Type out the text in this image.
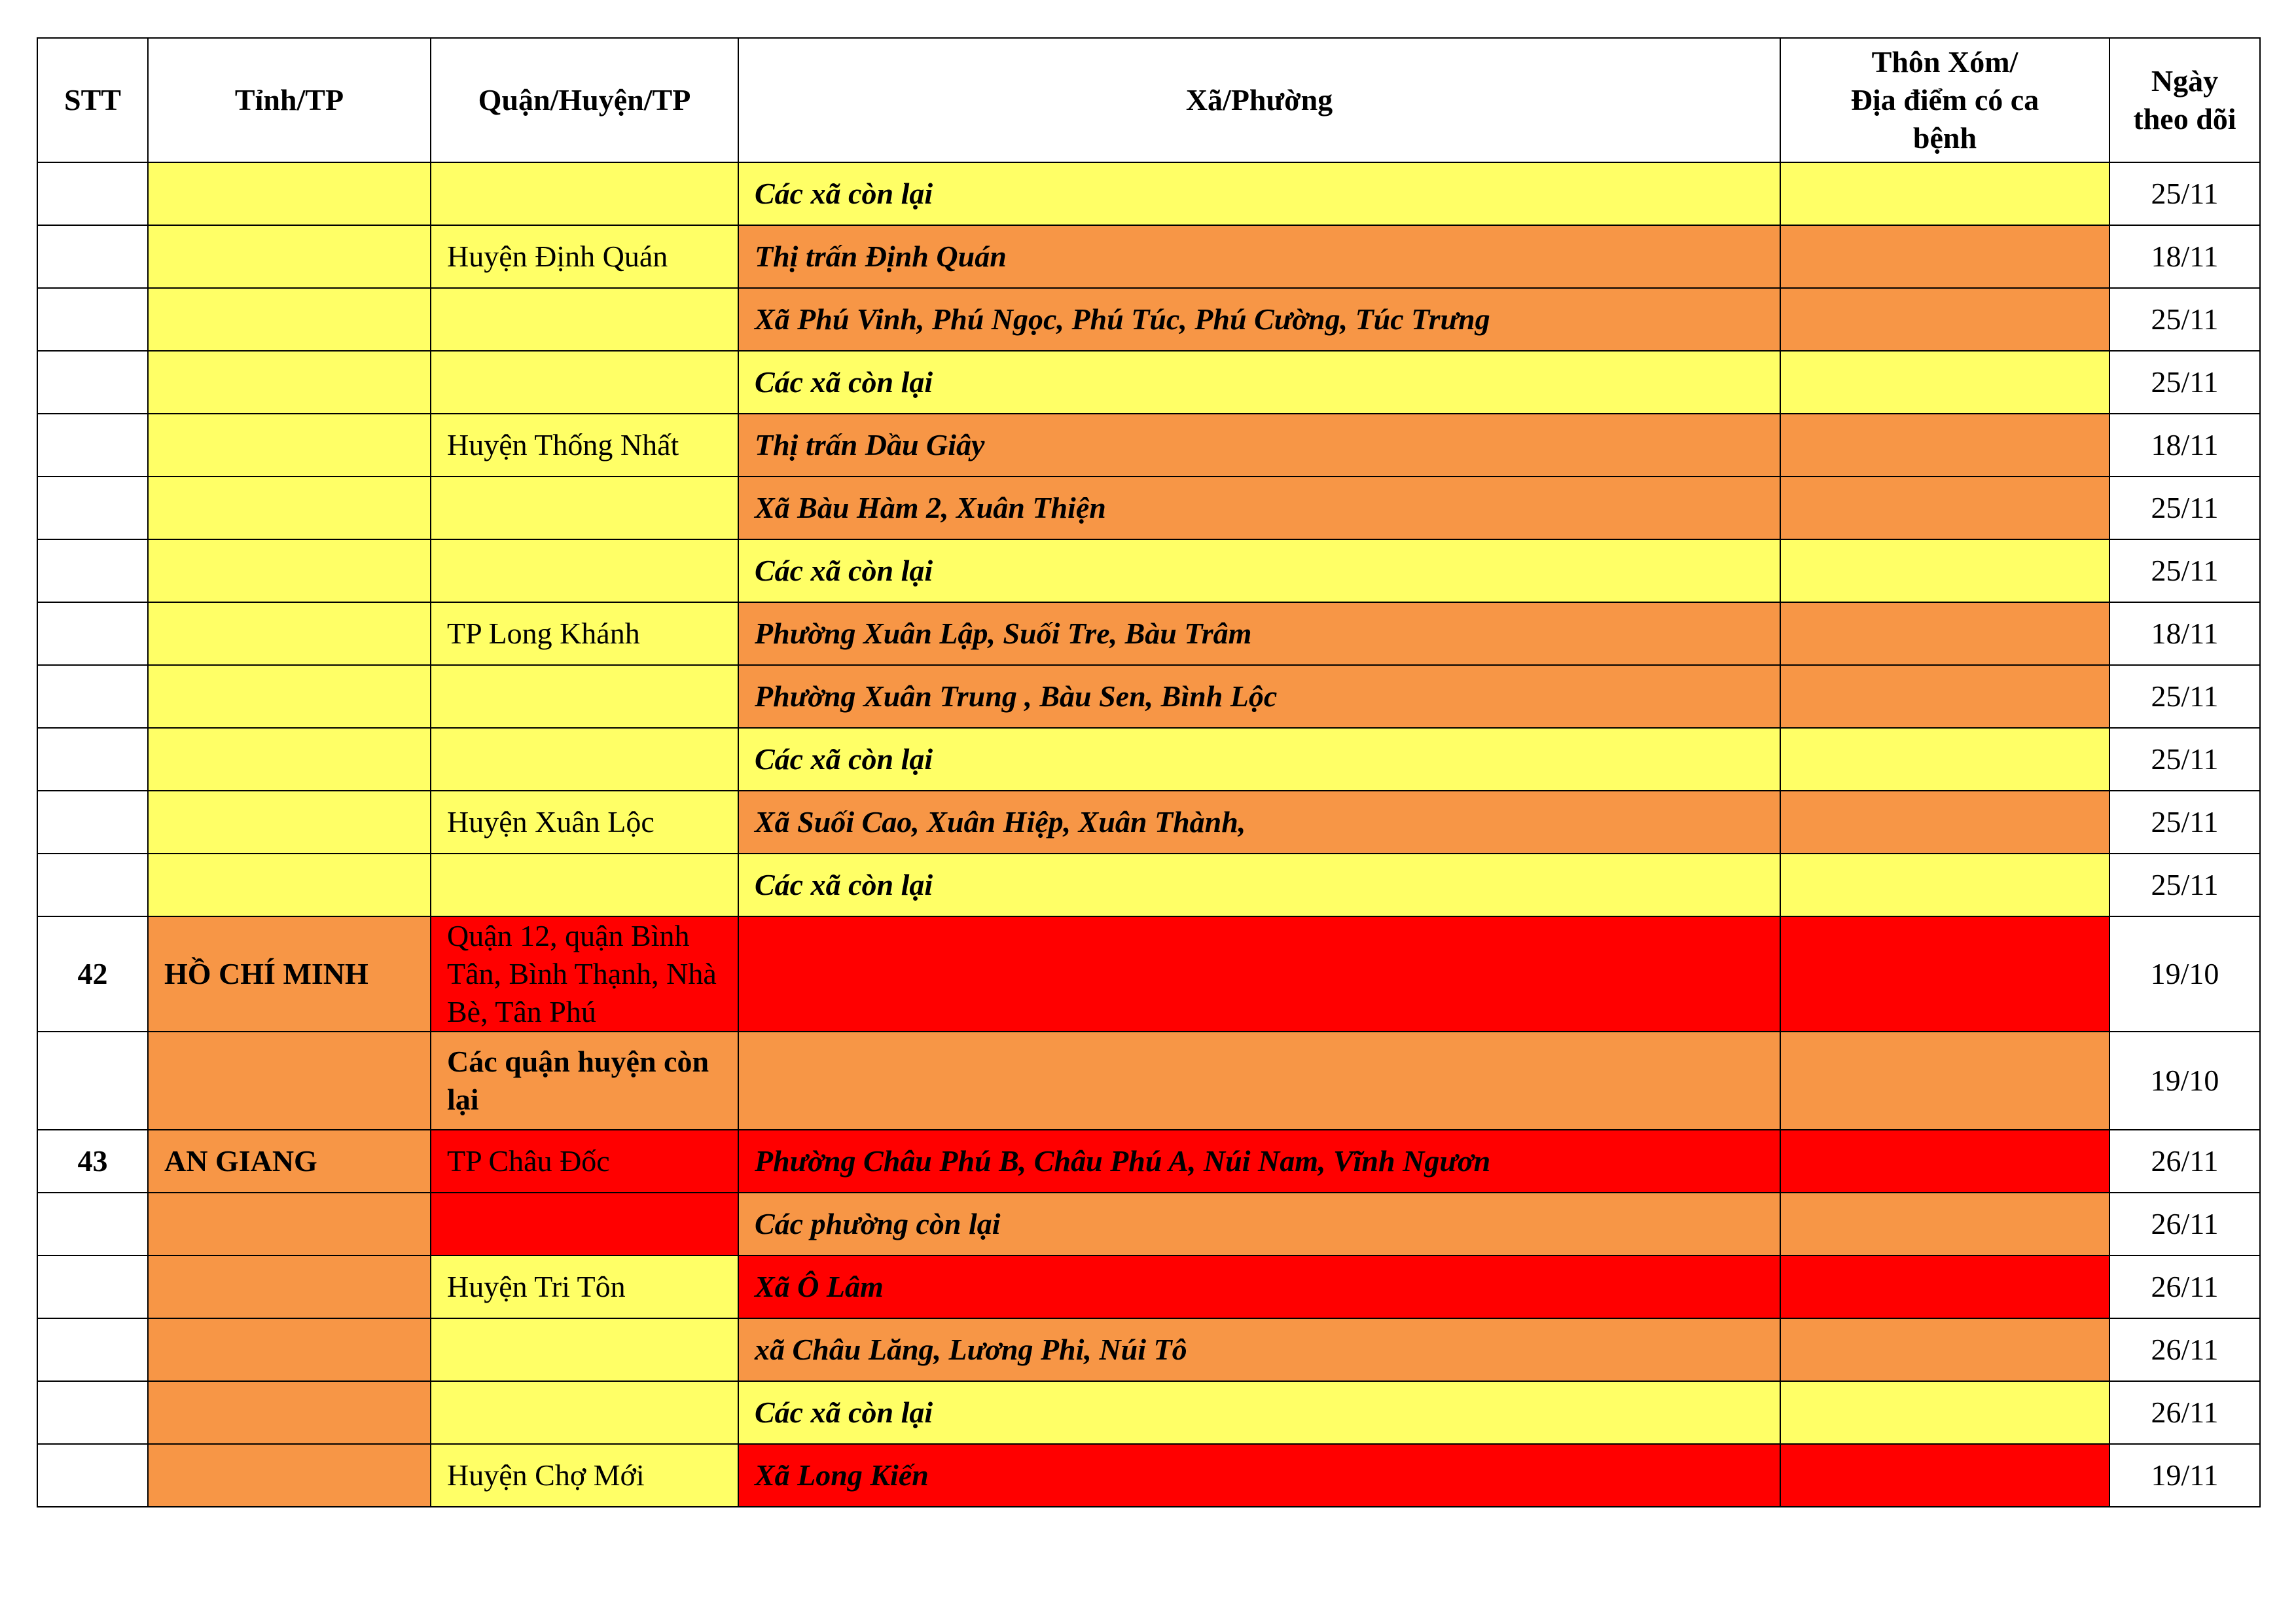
STT	Tỉnh/TP	Quận/Huyện/TP	Xã/Phường	Thôn Xóm/
Địa điểm có ca
bệnh	Ngày
theo dõi
			Các xã còn lại		25/11
		Huyện Định Quán	Thị trấn Định Quán		18/11
			Xã Phú Vinh, Phú Ngọc, Phú Túc, Phú Cường, Túc Trưng		25/11
			Các xã còn lại		25/11
		Huyện Thống Nhất	Thị trấn Dầu Giây		18/11
			Xã Bàu Hàm 2, Xuân Thiện		25/11
			Các xã còn lại		25/11
		TP Long Khánh	Phường Xuân Lập, Suối Tre, Bàu Trâm		18/11
			Phường Xuân Trung , Bàu Sen, Bình Lộc		25/11
			Các xã còn lại		25/11
		Huyện Xuân Lộc	Xã Suối Cao, Xuân Hiệp, Xuân Thành,		25/11
			Các xã còn lại		25/11
42	HỒ CHÍ MINH	Quận 12, quận Bình Tân, Bình Thạnh, Nhà Bè, Tân Phú			19/10
		Các quận huyện còn lại			19/10
43	AN GIANG	TP Châu Đốc	Phường Châu Phú B, Châu Phú A, Núi Nam, Vĩnh Ngươn		26/11
			Các phường còn lại		26/11
		Huyện Tri Tôn	Xã Ô Lâm		26/11
			xã Châu Lăng, Lương Phi, Núi Tô		26/11
			Các xã còn lại		26/11
		Huyện Chợ Mới	Xã Long Kiến		19/11
